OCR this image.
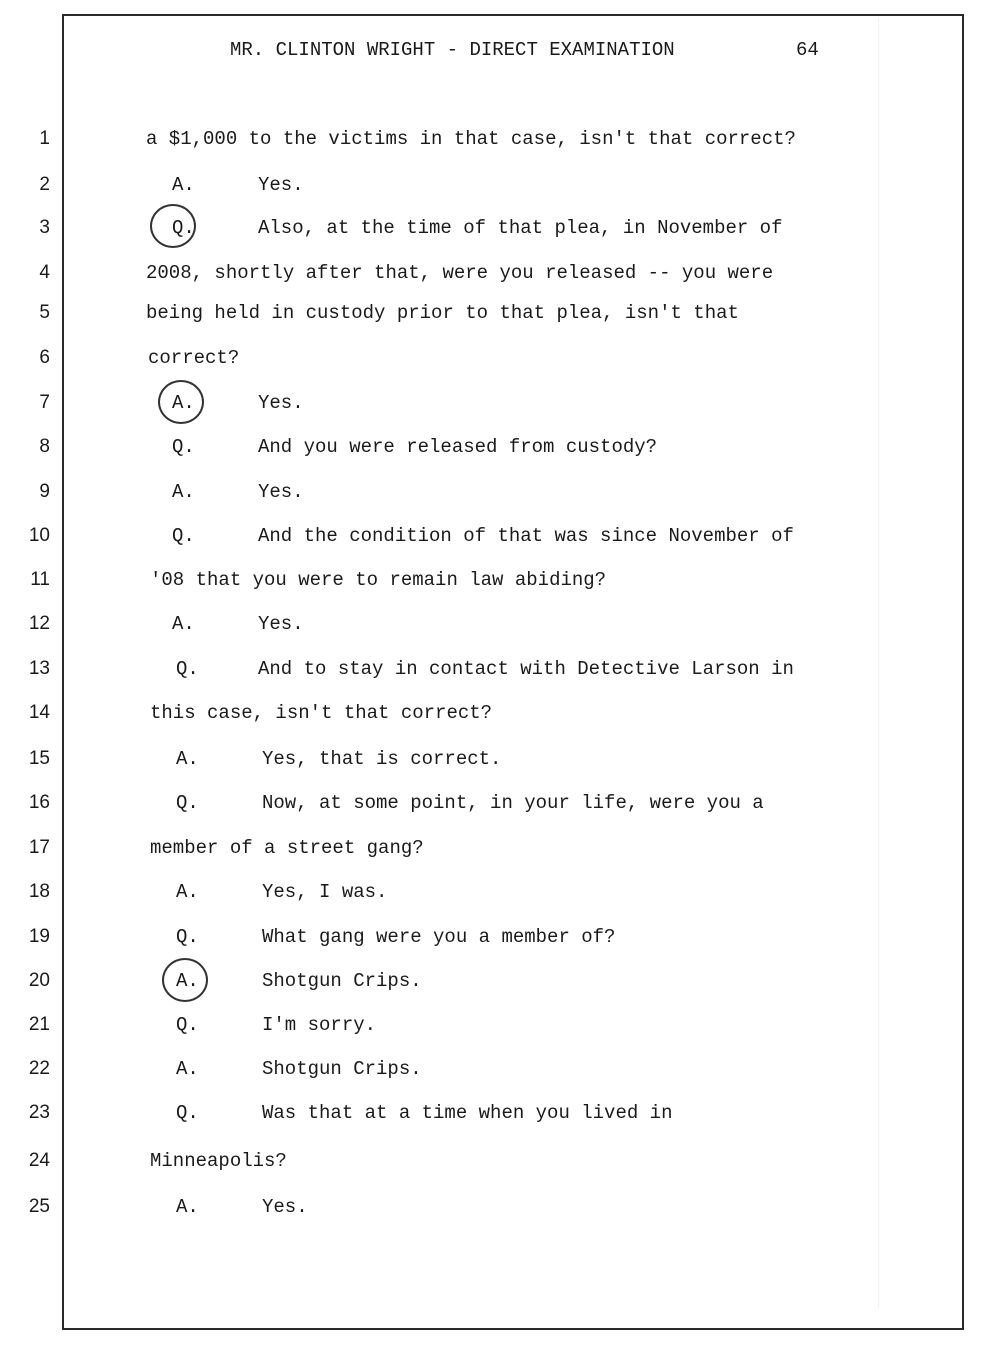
MR. CLINTON WRIGHT - DIRECT EXAMINATION	64
1	a $1,000 to the victims in that case, isn't that correct?
2	A.	Yes.
3	Q.	Also, at the time of that plea, in November of
4	2008, shortly after that, were you released -- you were
5	being held in custody prior to that plea, isn't that
6	correct?
7	A.	Yes.
8	Q.	And you were released from custody?
9	A.	Yes.
10	Q.	And the condition of that was since November of
11	'08 that you were to remain law abiding?
12	A.	Yes.
13	Q.	And to stay in contact with Detective Larson in
14	this case, isn't that correct?
15	A.	Yes, that is correct.
16	Q.	Now, at some point, in your life, were you a
17	member of a street gang?
18	A.	Yes, I was.
19	Q.	What gang were you a member of?
20	A.	Shotgun Crips.
21	Q.	I'm sorry.
22	A.	Shotgun Crips.
23	Q.	Was that at a time when you lived in
24	Minneapolis?
25	A.	Yes.
